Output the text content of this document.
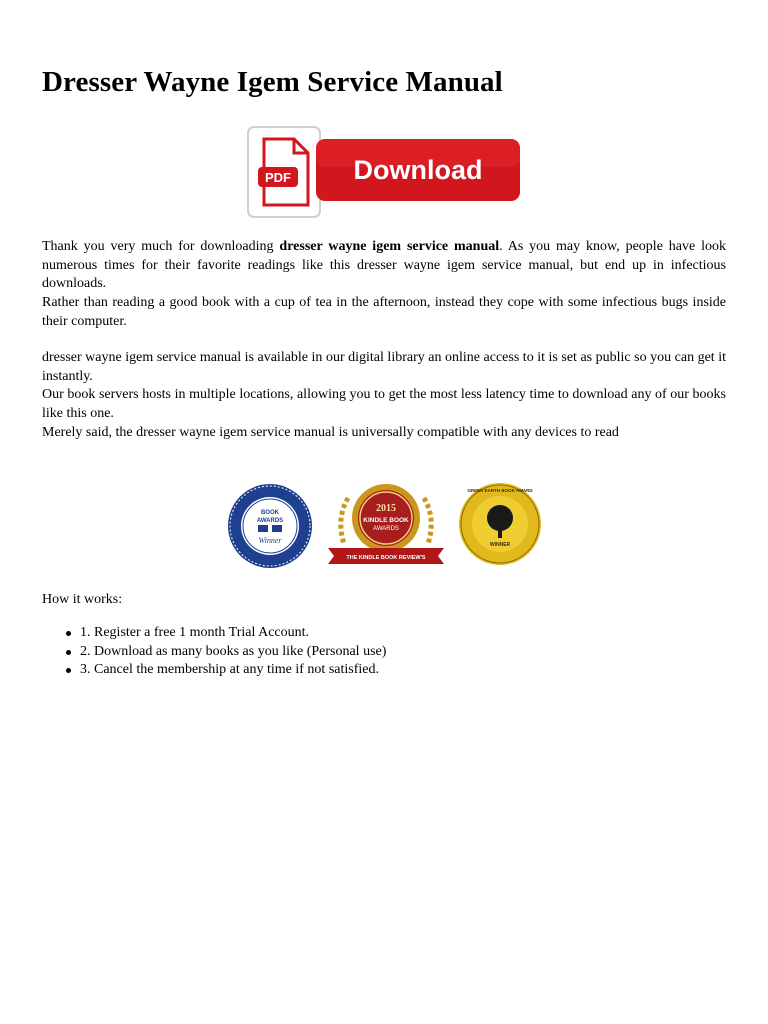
Dresser Wayne Igem Service Manual
PDF Download

Thank you very much for downloading dresser wayne igem service manual. As you may know, people have look numerous times for their favorite readings like this dresser wayne igem service manual, but end up in infectious downloads.

Rather than reading a good book with a cup of tea in the afternoon, instead they cope with some infectious bugs inside their computer.

dresser wayne igem service manual is available in our digital library an online access to it is set as public so you can get it instantly.

Our book servers hosts in multiple locations, allowing you to get the most less latency time to download any of our books like this one.

Merely said, the dresser wayne igem service manual is universally compatible with any devices to read

BOOK
AWARDS
Winner
2015
KINDLE BOOK
AWARDS
THE KINDLE BOOK REVIEW'S
GREEN EARTH BOOK AWARD
WINNER

How it works:

1. Register a free 1 month Trial Account.
2. Download as many books as you like (Personal use)
3. Cancel the membership at any time if not satisfied.
